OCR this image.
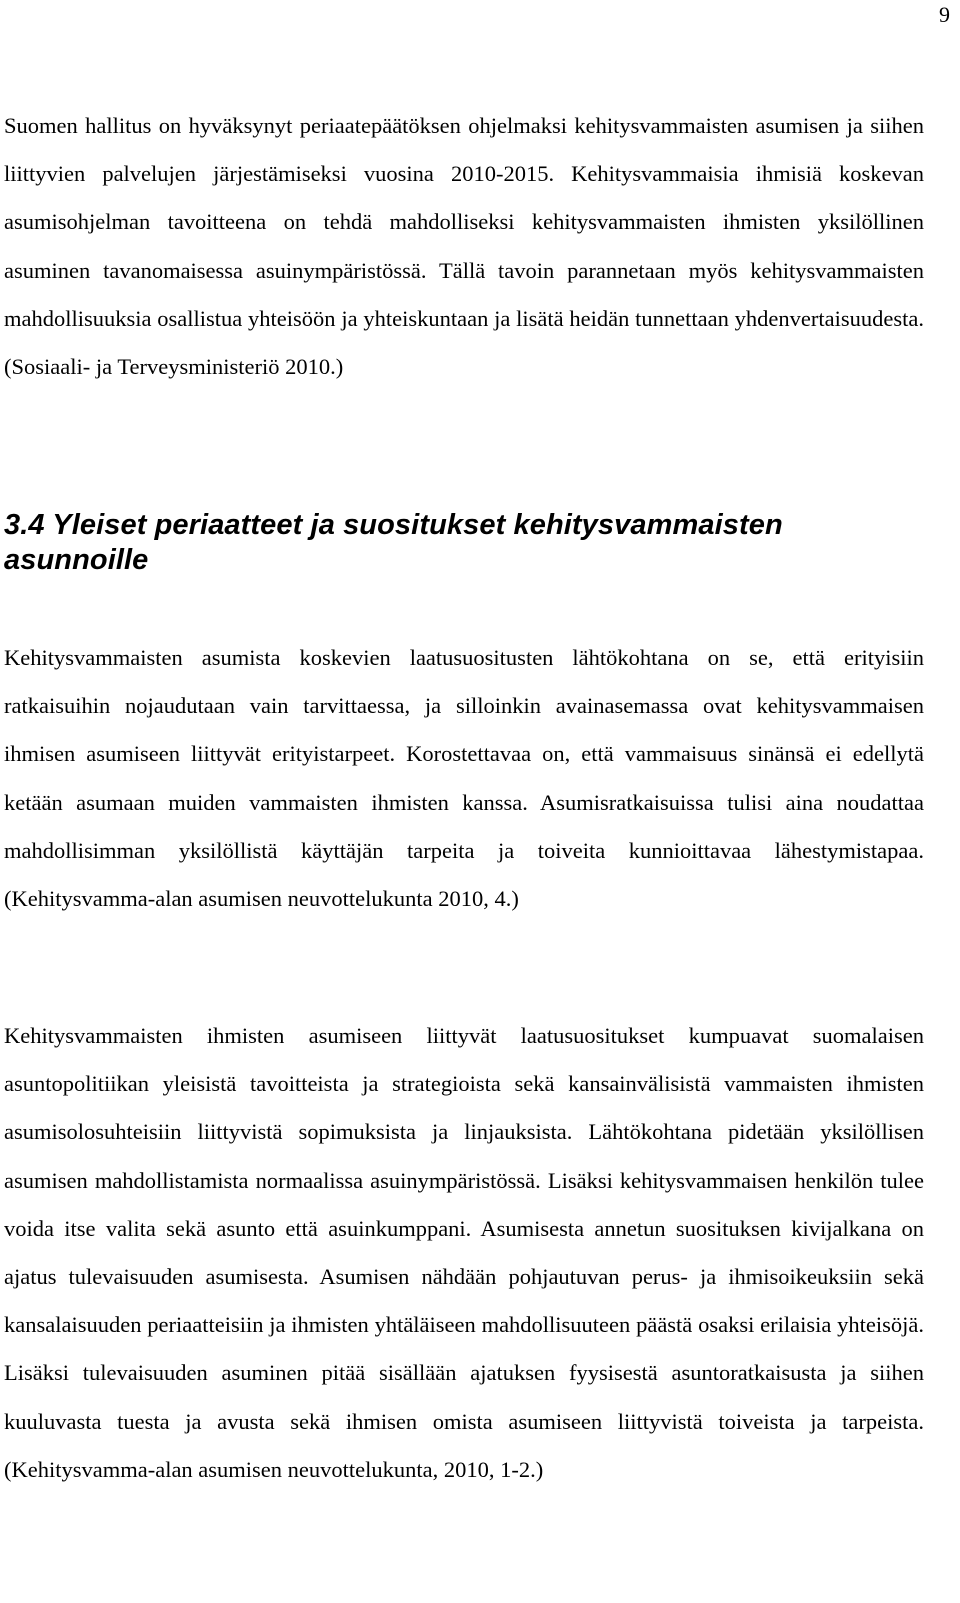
9

Suomen hallitus on hyväksynyt periaatepäätöksen ohjelmaksi kehitysvammaisten asumisen ja siihen liittyvien palvelujen järjestämiseksi vuosina 2010-2015. Kehitysvammaisia ihmisiä koskevan asumisohjelman tavoitteena on tehdä mahdolliseksi kehitysvammaisten ihmisten yksilöllinen asuminen tavanomaisessa asuinympäristössä. Tällä tavoin parannetaan myös kehitysvammaisten mahdollisuuksia osallistua yhteisöön ja yhteiskuntaan ja lisätä heidän tunnettaan yhdenvertaisuudesta. (Sosiaali- ja Terveysministeriö 2010.)

3.4 Yleiset periaatteet ja suositukset kehitysvammaisten asunnoille

Kehitysvammaisten asumista koskevien laatusuositusten lähtökohtana on se, että erityisiin ratkaisuihin nojaudutaan vain tarvittaessa, ja silloinkin avainasemassa ovat kehitysvammaisen ihmisen asumiseen liittyvät erityistarpeet. Korostettavaa on, että vammaisuus sinänsä ei edellytä ketään asumaan muiden vammaisten ihmisten kanssa. Asumisratkaisuissa tulisi aina noudattaa mahdollisimman yksilöllistä käyttäjän tarpeita ja toiveita kunnioittavaa lähestymistapaa. (Kehitysvamma-alan asumisen neuvottelukunta 2010, 4.)

Kehitysvammaisten ihmisten asumiseen liittyvät laatusuositukset kumpuavat suomalaisen asuntopolitiikan yleisistä tavoitteista ja strategioista sekä kansainvälisistä vammaisten ihmisten asumisolosuhteisiin liittyvistä sopimuksista ja linjauksista. Lähtökohtana pidetään yksilöllisen asumisen mahdollistamista normaalissa asuinympäristössä. Lisäksi kehitysvammaisen henkilön tulee voida itse valita sekä asunto että asuinkumppani. Asumisesta annetun suosituksen kivijalkana on ajatus tulevaisuuden asumisesta. Asumisen nähdään pohjautuvan perus- ja ihmisoikeuksiin sekä kansalaisuuden periaatteisiin ja ihmisten yhtäläiseen mahdollisuuteen päästä osaksi erilaisia yhteisöjä. Lisäksi tulevaisuuden asuminen pitää sisällään ajatuksen fyysisestä asuntoratkaisusta ja siihen kuuluvasta tuesta ja avusta sekä ihmisen omista asumiseen liittyvistä toiveista ja tarpeista. (Kehitysvamma-alan asumisen neuvottelukunta, 2010, 1-2.)
